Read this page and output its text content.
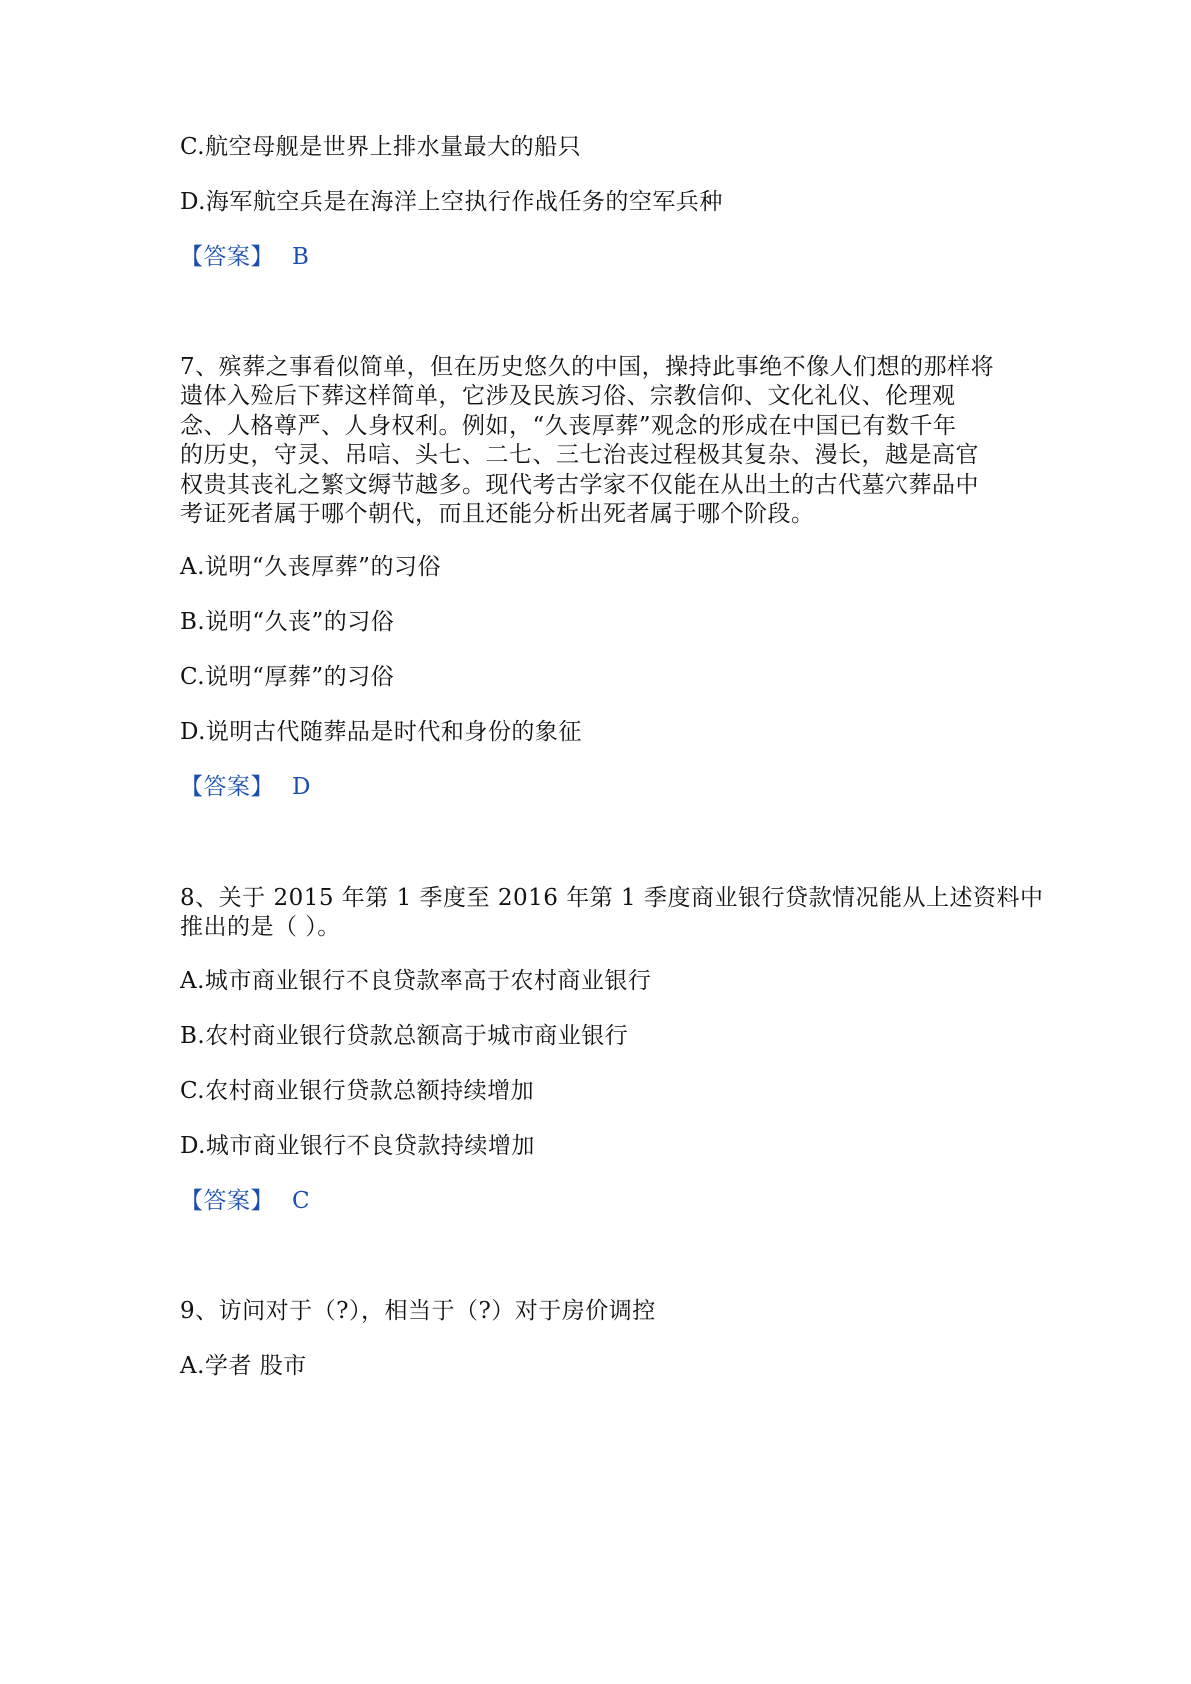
C.航空母舰是世界上排水量最大的船只
D.海军航空兵是在海洋上空执行作战任务的空军兵种
【答案】 B
7、殡葬之事看似简单，但在历史悠久的中国，操持此事绝不像人们想的那样将
遗体入殓后下葬这样简单，它涉及民族习俗、宗教信仰、文化礼仪、伦理观
念、人格尊严、人身权利。例如，“久丧厚葬”观念的形成在中国已有数千年
的历史，守灵、吊唁、头七、二七、三七治丧过程极其复杂、漫长，越是高官
权贵其丧礼之繁文缛节越多。现代考古学家不仅能在从出土的古代墓穴葬品中
考证死者属于哪个朝代，而且还能分析出死者属于哪个阶段。
A.说明“久丧厚葬”的习俗
B.说明“久丧”的习俗
C.说明“厚葬”的习俗
D.说明古代随葬品是时代和身份的象征
【答案】 D
8、关于 2015 年第 1 季度至 2016 年第 1 季度商业银行贷款情况能从上述资料中
推出的是（ ）。
A.城市商业银行不良贷款率高于农村商业银行
B.农村商业银行贷款总额高于城市商业银行
C.农村商业银行贷款总额持续增加
D.城市商业银行不良贷款持续增加
【答案】 C
9、访问对于（?），相当于（?）对于房价调控
A.学者 股市
